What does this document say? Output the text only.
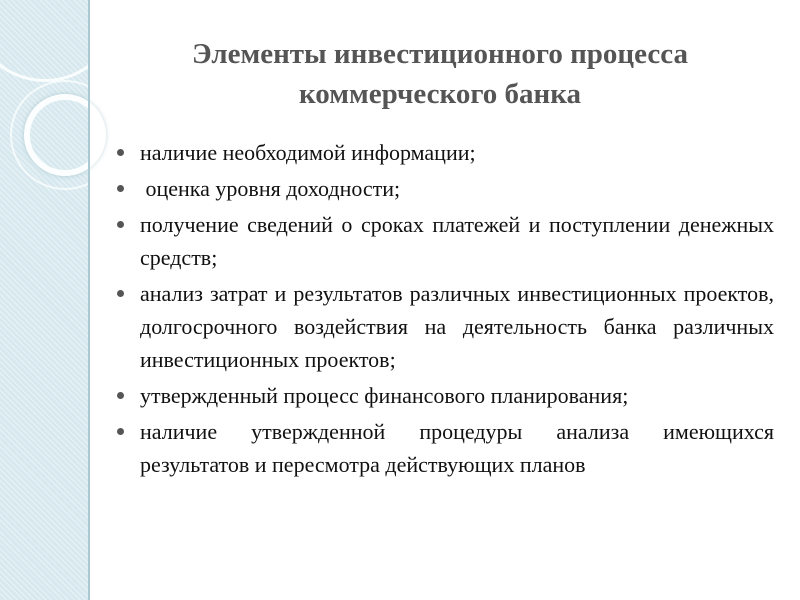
Элементы инвестиционного процесса
коммерческого банка
наличие необходимой информации;
оценка уровня доходности;
получение сведений о сроках платежей и поступлении денежных средств;
анализ затрат и результатов различных инвестиционных проектов, долгосрочного воздействия на деятельность банка различных инвестиционных проектов;
утвержденный процесс финансового планирования;
наличие утвержденной процедуры анализа имеющихся результатов и пересмотра действующих планов
